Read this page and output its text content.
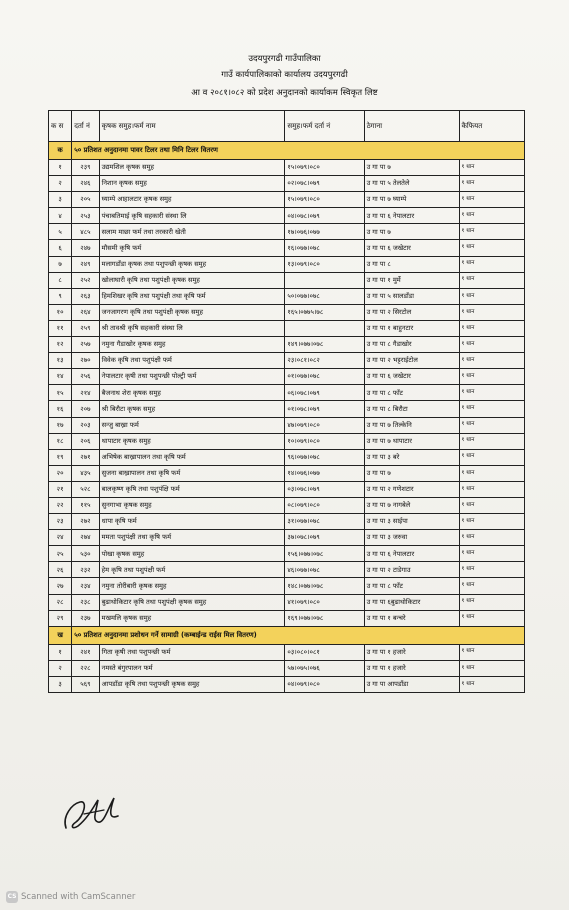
उदयपुरगढी गाउँपालिका
गाउँ कार्यपालिकाको कार्यालय उदयपुरगढी
आ व २०८१।०८२ को प्रदेश अनुदानको कार्याकम स्विकृत लिष्ट
क स	दर्ता नं	कृषक समुह।फर्म नाम	समुह।फर्म दर्ता नं	ठेगाना	कैफियत
क	५० प्रतिशत अनुदानमा पावर टिलर तथा मिनि टिलर वितरण				
१	२३९	उद्यमशिल कृषक समुह	१५।०७९।०८०	उ गा पा ७	१ थान
२	२४६	निशान कृषक समुह	०२।०७८।०७९	उ गा पा ५ तेलतेले	१ थान
३	२०५	घ्याम्पे आहालटार कृषक समुह	१५।०७९।०८०	उ गा पा ७ घ्याम्पे	१ थान
४	२५३	पंचाबतिमाई कृषि सहकारी संस्था लि	०४।०७८।०७९	उ गा पा ६ नेपालटार	१ थान
५	४८५	सलाम माछा फर्म तथा तरकारी खेती	१७।०७६।०७७	उ गा पा ७	१ थान
६	२४७	मौसमी कृषि फर्म	१६।०७७।०७८	उ गा पा ६ जखेटार	१ थान
७	२४९	मलागडाँडा कृषक तथा पशुपन्छी कृषक समुह	१३।०७९।०८०	उ गा पा ८	१ थान
८	२५२	खोलाघारी कृषि तथा पशुपंक्षी कृषक समुह		उ गा पा १ मुर्मे	१ थान
९	२६३	हिमशिखर कृषि तथा पशुपंक्षी तथा कृषि फर्म	५०।०७७।०७८	उ गा पा ५ सालडाँडा	१ थान
१०	२६४	जनजागरण कृषि तथा पशुपंक्षी कृषक समुह	१६५।०७७५।७८	उ गा पा २ सिरटोल	१ थान
११	२५९	श्री तावश्री कृषि सहकारी संस्था लि		उ गा पा १ बाहुनटार	१ थान
१२	२५७	नमुना गैडाखोर कृषक समुह	१४९।०७७।०७८	उ गा पा ८ गैडाखोर	१ थान
१३	२७०	विवेक कृषि तथा पशुपंक्षी फर्म	२३।०८१।०८२	उ गा पा २ भट्टराईटोल	१ थान
१४	२५६	नेपालटार कृषी तथा पशुपन्छी पोल्ट्री फर्म	०१।०७७।०७८	उ गा पा ६ जखेटार	१ थान
१५	२१४	बैजनाथ शेरा कृषक समुह	०६।०७८।०७९	उ गा पा ८ फाँट	१ थान
१६	२०७	श्री बिरौटा कृषक समुह	०१।०७८।०७९	उ गा पा ८ बिरौटा	१ थान
१७	२०३	सन्जु बाख्रा फर्म	४७।०७९।०८०	उ गा पा ७ तिल्केनि	१ थान
१८	२०६	थापाटार कृषक समुह	१०।०७९।०८०	उ गा पा ७ थापाटार	१ थान
१९	२७१	अभिषेक बाख्रापालन तथा कृषि फर्म	९६।०७७।०७८	उ गा पा ३ बरे	१ थान
२०	४३५	सुजना बाख्रापालन तथा कृषि फर्म	१४।०७६।०७७	उ गा पा ७	१ थान
२१	५२८	बालकृष्ण कृषि तथा पशुपंक्षि फर्म	०३।०७८।०७९	उ गा पा २ गणेशटार	१ थान
२२	११५	सुनगाभा कृषक समुह	०८।०७९।०८०	उ गा पा ७ नागबेले	१ थान
२३	२७२	धापा कृषि फर्म	३१।०७७।०७८	उ गा पा ३ साईपा	१ थान
२४	२७४	ममता पशुपंक्षी तथा कृषि फर्म	३७।०७८।०७९	उ गा पा ३ जरुवा	१ थान
२५	५३०	पोखा कृषक समुह	१५६।०७७।०७८	उ गा पा ६ नेपालटार	१ थान
२६	२३२	हेम कृषि तथा पशुपंक्षी फर्म	४६।०७७।०७८	उ गा पा २ टाडेगाउ	१ थान
२७	२३४	नमुना तोरीबारी कृषक समुह	१४८।०७७।०७८	उ गा पा ८ फाँट	१ थान
२८	२३८	बुढाथोकिटार कृषि तथा पशुपंक्षी कृषक समुह	४१।०७९।०८०	उ गा पा ६बुढाथोकिटार	१ थान
२९	२३७	मखमलि कृषक समुह	१६९।०७७।०७८	उ गा पा १ बन्चरे	१ थान
ख	५० प्रतिशत अनुदानमा प्रशोधन गर्ने सामाग्री (कम्बाईन्ड राईस मिल वितरण)				
१	२४१	गिता कृषी तथा पशुपन्छी फर्म	०३।०८०।०८१	उ गा पा १ हजारे	१ थान
२	२२८	नमस्ते बंगुरपालन फर्म	५७।०७५।०७६	उ गा पा १ हजारे	१ थान
३	५६९	आपडाँडा कृषि तथा पशुपन्छी कृषक समुह	०४।०७९।०८०	उ गा पा आपडाँडा	१ थान
CS Scanned with CamScanner
